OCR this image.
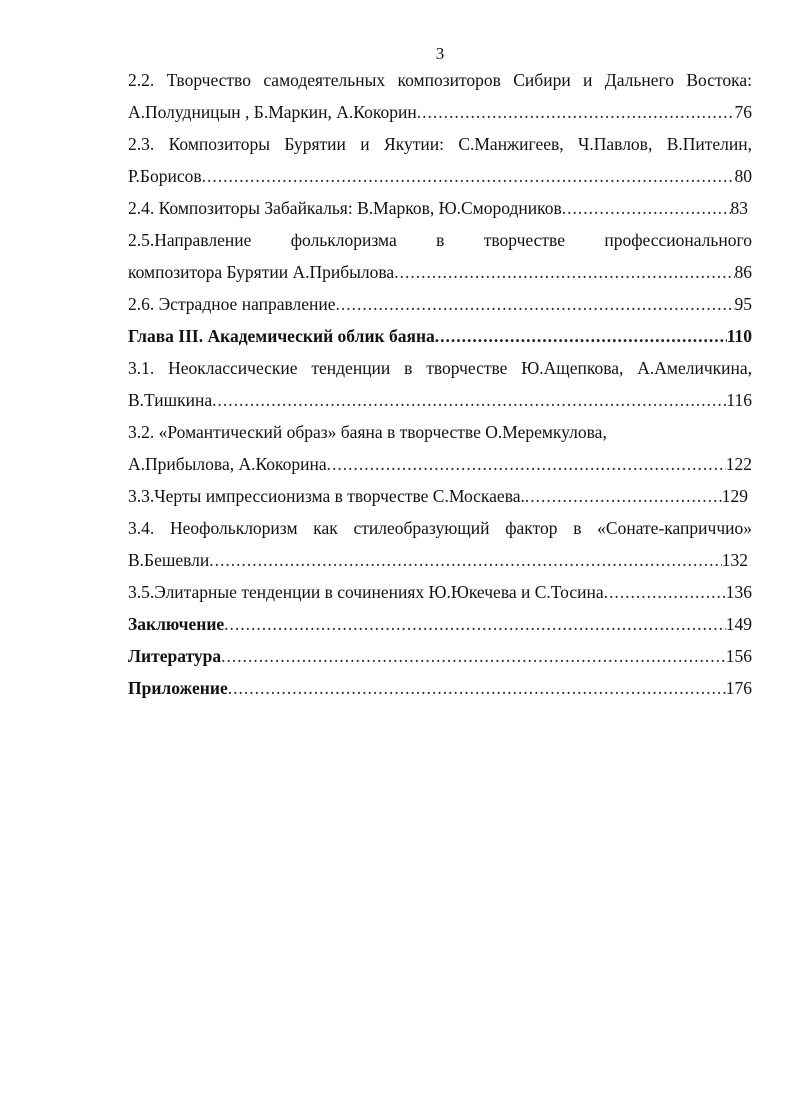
3
2.2. Творчество самодеятельных композиторов Сибири и Дальнего Востока:
А.Полудницын , Б.Маркин, А.Кокорин .....	76
2.3. Композиторы Бурятии и Якутии: С.Манжигеев, Ч.Павлов, В.Пителин,
Р.Борисов .....	80
2.4. Композиторы Забайкалья: В.Марков, Ю.Смородников .....	83
2.5.Направление фольклоризма в творчестве профессионального
композитора Бурятии А.Прибылова .....	86
2.6. Эстрадное направление .....	95
Глава III. Академический облик баяна .....	110
3.1. Неоклассические тенденции в творчестве Ю.Ащепкова, А.Амеличкина,
В.Тишкина .....	116
3.2. «Романтический образ» баяна в творчестве О.Меремкулова,
А.Прибылова, А.Кокорина .....	122
3.3.Черты импрессионизма в творчестве С.Москаева. .....	129
3.4. Неофольклоризм как стилеобразующий фактор в «Сонате-каприччио»
В.Бешевли .....	132
3.5.Элитарные тенденции в сочинениях Ю.Юкечева и С.Тосина .....	136
Заключение .....	149
Литература .....	156
Приложение .....	176
